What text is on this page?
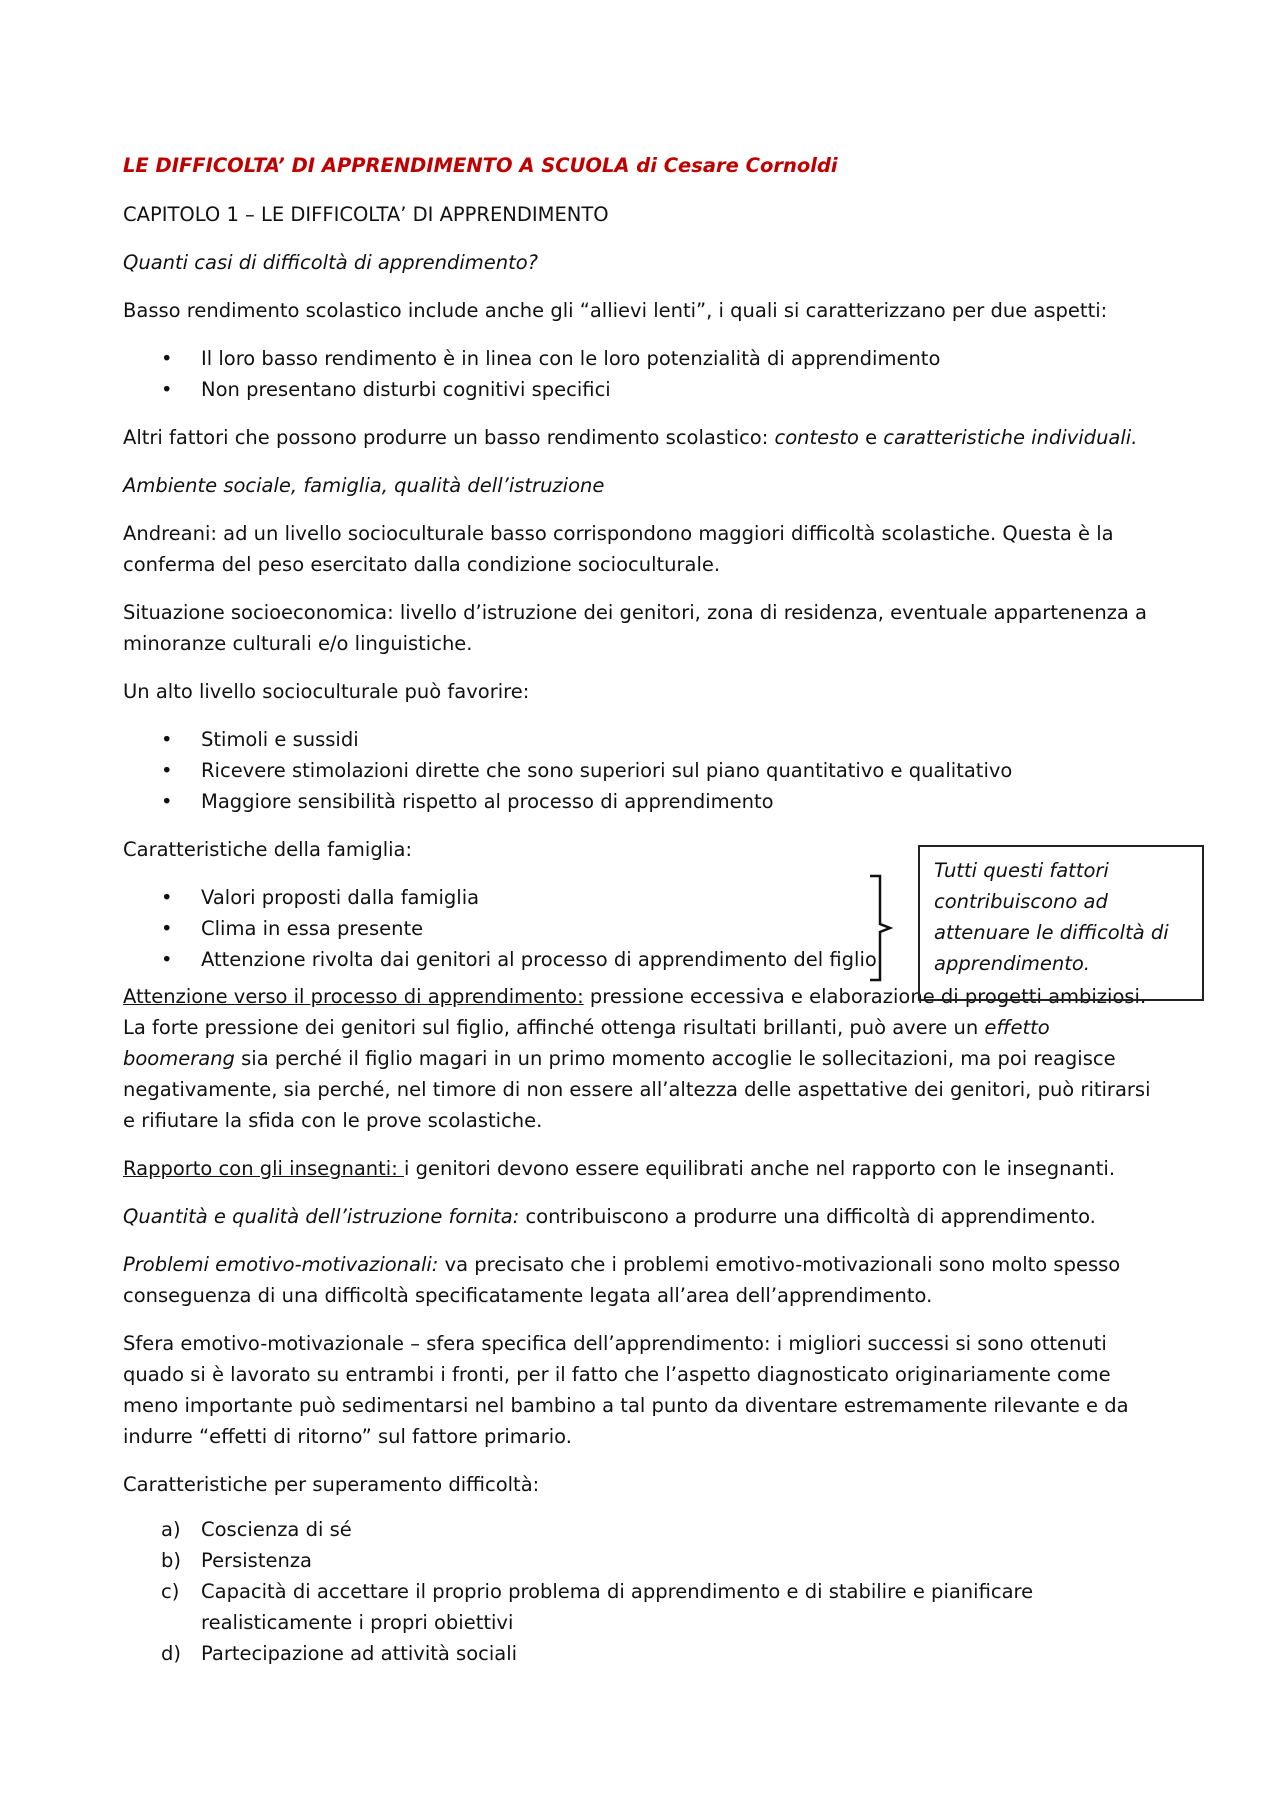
LE DIFFICOLTA’ DI APPRENDIMENTO A SCUOLA di Cesare Cornoldi

CAPITOLO 1 – LE DIFFICOLTA’ DI APPRENDIMENTO

Quanti casi di difficoltà di apprendimento?

Basso rendimento scolastico include anche gli “allievi lenti”, i quali si caratterizzano per due aspetti:

• Il loro basso rendimento è in linea con le loro potenzialità di apprendimento
• Non presentano disturbi cognitivi specifici

Altri fattori che possono produrre un basso rendimento scolastico: contesto e caratteristiche individuali.

Ambiente sociale, famiglia, qualità dell’istruzione

Andreani: ad un livello socioculturale basso corrispondono maggiori difficoltà scolastiche. Questa è la conferma del peso esercitato dalla condizione socioculturale.

Situazione socioeconomica: livello d’istruzione dei genitori, zona di residenza, eventuale appartenenza a minoranze culturali e/o linguistiche.

Un alto livello socioculturale può favorire:

• Stimoli e sussidi
• Ricevere stimolazioni dirette che sono superiori sul piano quantitativo e qualitativo
• Maggiore sensibilità rispetto al processo di apprendimento

Caratteristiche della famiglia:

• Valori proposti dalla famiglia
• Clima in essa presente
• Attenzione rivolta dai genitori al processo di apprendimento del figlio

Attenzione verso il processo di apprendimento: pressione eccessiva e elaborazione di progetti ambiziosi. La forte pressione dei genitori sul figlio, affinché ottenga risultati brillanti, può avere un effetto boomerang sia perché il figlio magari in un primo momento accoglie le sollecitazioni, ma poi reagisce negativamente, sia perché, nel timore di non essere all’altezza delle aspettative dei genitori, può ritirarsi e rifiutare la sfida con le prove scolastiche.

Rapporto con gli insegnanti: i genitori devono essere equilibrati anche nel rapporto con le insegnanti.

Quantità e qualità dell’istruzione fornita: contribuiscono a produrre una difficoltà di apprendimento.

Problemi emotivo-motivazionali: va precisato che i problemi emotivo-motivazionali sono molto spesso conseguenza di una difficoltà specificatamente legata all’area dell’apprendimento.

Sfera emotivo-motivazionale – sfera specifica dell’apprendimento: i migliori successi si sono ottenuti quado si è lavorato su entrambi i fronti, per il fatto che l’aspetto diagnosticato originariamente come meno importante può sedimentarsi nel bambino a tal punto da diventare estremamente rilevante e da indurre “effetti di ritorno” sul fattore primario.

Caratteristiche per superamento difficoltà:

a) Coscienza di sé
b) Persistenza
c) Capacità di accettare il proprio problema di apprendimento e di stabilire e pianificare realisticamente i propri obiettivi
d) Partecipazione ad attività sociali
Tutti questi fattori contribuiscono ad attenuare le difficoltà di apprendimento.
